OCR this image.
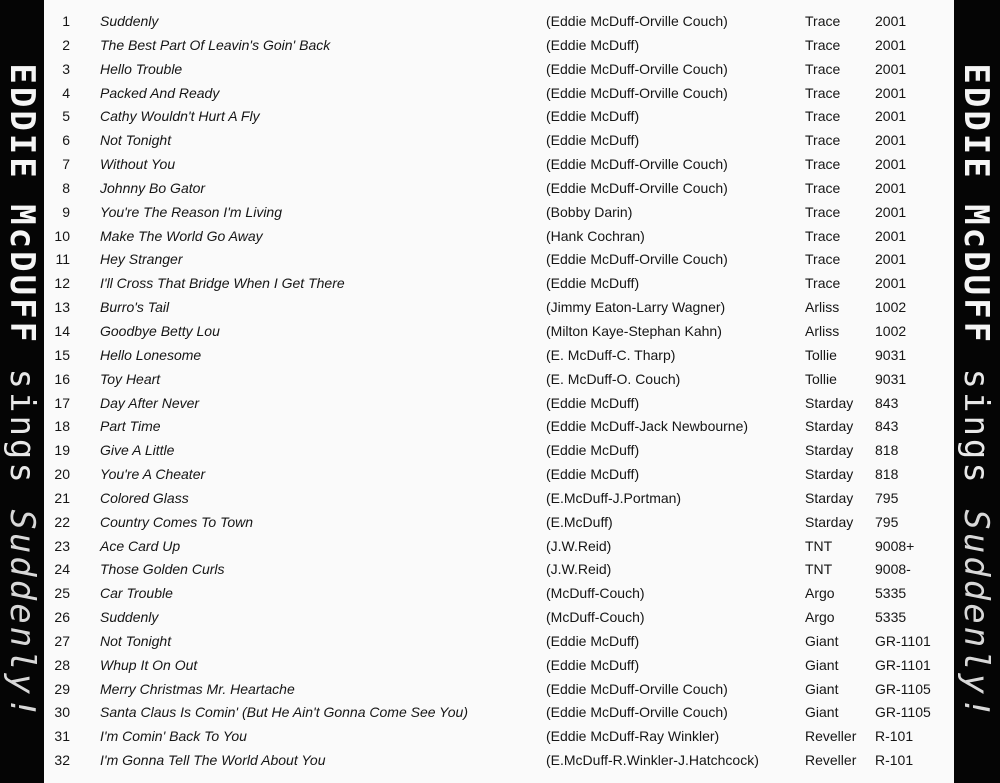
EDDIE McDUFF sings Suddenly!
1 Suddenly	(Eddie McDuff-Orville Couch)	Trace 2001
2 The Best Part Of Leavin's Goin' Back	(Eddie McDuff)	Trace 2001
3 Hello Trouble	(Eddie McDuff-Orville Couch)	Trace 2001
4 Packed And Ready	(Eddie McDuff-Orville Couch)	Trace 2001
5 Cathy Wouldn't Hurt A Fly	(Eddie McDuff)	Trace 2001
6 Not Tonight	(Eddie McDuff)	Trace 2001
7 Without You	(Eddie McDuff-Orville Couch)	Trace 2001
8 Johnny Bo Gator	(Eddie McDuff-Orville Couch)	Trace 2001
9 You're The Reason I'm Living	(Bobby Darin)	Trace 2001
10 Make The World Go Away	(Hank Cochran)	Trace 2001
11 Hey Stranger	(Eddie McDuff-Orville Couch)	Trace 2001
12 I'll Cross That Bridge When I Get There	(Eddie McDuff)	Trace 2001
13 Burro's Tail	(Jimmy Eaton-Larry Wagner)	Arliss	1002
14 Goodbye Betty Lou	(Milton Kaye-Stephan Kahn)	Arliss	1002
15 Hello Lonesome	(E. McDuff-C. Tharp)	Tollie	9031
16 Toy Heart	(E. McDuff-O. Couch)	Tollie	9031
17 Day After Never	(Eddie McDuff)	Starday 843
18 Part Time	(Eddie McDuff-Jack Newbourne)	Starday 843
19 Give A Little	(Eddie McDuff)	Starday 818
20 You're A Cheater	(Eddie McDuff)	Starday 818
21 Colored Glass	(E.McDuff-J.Portman)	Starday 795
22 Country Comes To Town	(E.McDuff)	Starday 795
23 Ace Card Up	(J.W.Reid)	TNT	9008+
24 Those Golden Curls	(J.W.Reid)	TNT	9008-
25 Car Trouble	(McDuff-Couch)	Argo	5335
26 Suddenly	(McDuff-Couch)	Argo	5335
27 Not Tonight	(Eddie McDuff)	Giant	GR-1101
28 Whup It On Out	(Eddie McDuff)	Giant	GR-1101
29 Merry Christmas Mr. Heartache	(Eddie McDuff-Orville Couch)	Giant	GR-1105
30 Santa Claus Is Comin' (But He Ain't Gonna Come See You)	(Eddie McDuff-Orville Couch)	Giant	GR-1105
31 I'm Comin' Back To You	(Eddie McDuff-Ray Winkler)	Reveller R-101
32 I'm Gonna Tell The World About You	(E.McDuff-R.Winkler-J.Hatchcock)	Reveller R-101
EDDIE McDUFF sings Suddenly!
